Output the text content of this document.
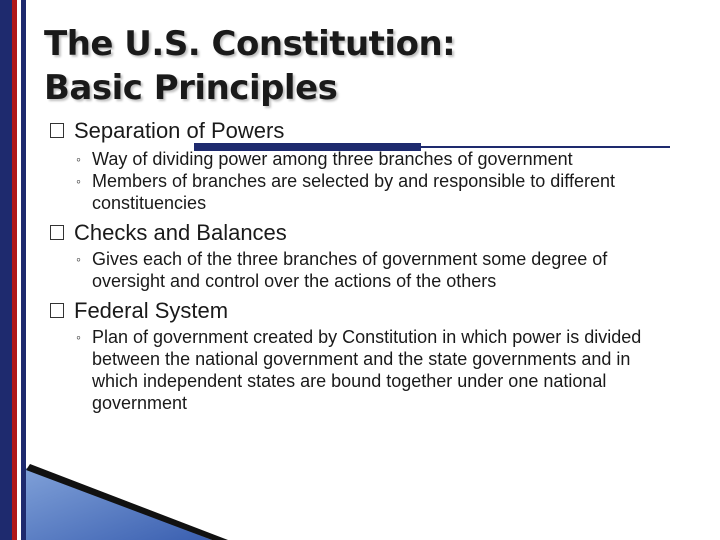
The U.S. Constitution:
Basic Principles
Separation of Powers
◦ Way of dividing power among three branches of government
◦ Members of branches are selected by and responsible to different constituencies
Checks and Balances
◦ Gives each of the three branches of government some degree of oversight and control over the actions of the others
Federal System
◦ Plan of government created by Constitution in which power is divided between the national government and the state governments and in which independent states are bound together under one national government
